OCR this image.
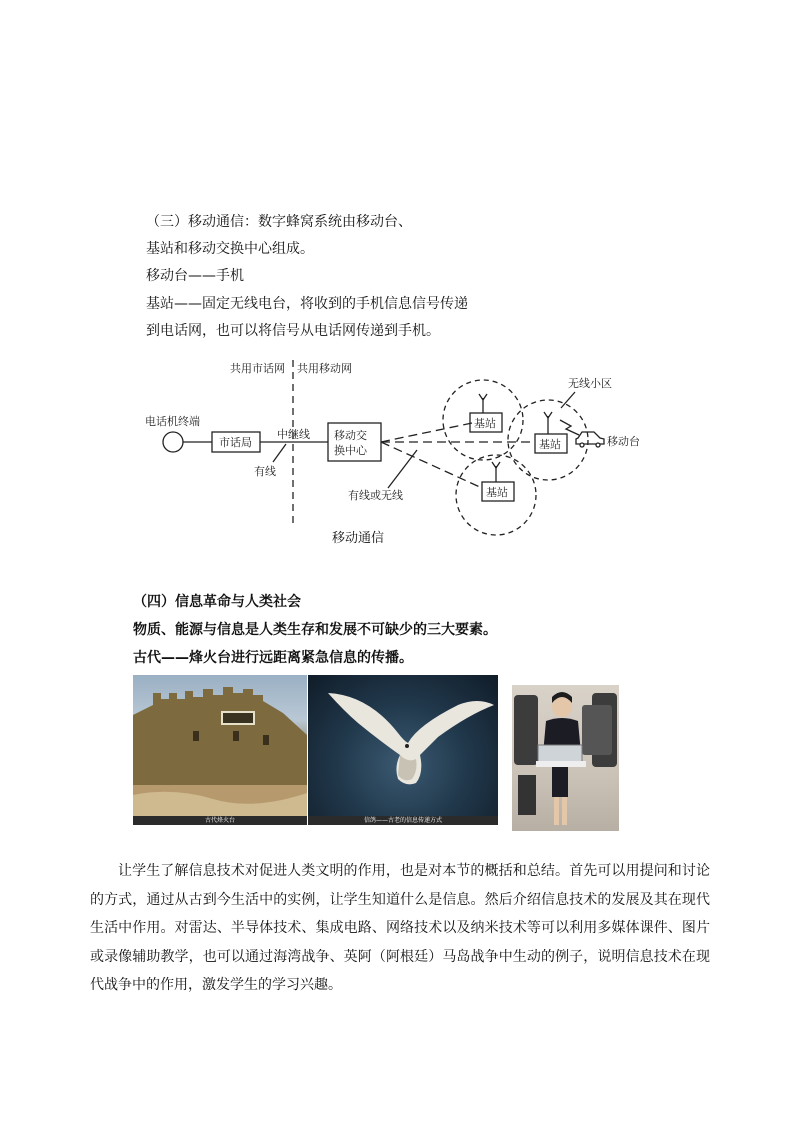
（三）移动通信：数字蜂窝系统由移动台、
基站和移动交换中心组成。
移动台——手机
基站——固定无线电台，将收到的手机信息信号传递
到电话网，也可以将信号从电话网传递到手机。
共用市话网 共用移动网
电话机终端
市话局
中继线
有线
移动交
换中心
有线或无线
基站
基站
基站
无线小区
移动台
移动通信
（四）信息革命与人类社会
物质、能源与信息是人类生存和发展不可缺少的三大要素。
古代——烽火台进行远距离紧急信息的传播。
古代烽火台	信鸽——古老的信息传递方式
让学生了解信息技术对促进人类文明的作用，也是对本节的概括和总结。首先可以用提问和讨论的方式，通过从古到今生活中的实例，让学生知道什么是信息。然后介绍信息技术的发展及其在现代生活中作用。对雷达、半导体技术、集成电路、网络技术以及纳米技术等可以利用多媒体课件、图片或录像辅助教学，也可以通过海湾战争、英阿（阿根廷）马岛战争中生动的例子，说明信息技术在现代战争中的作用，激发学生的学习兴趣。
